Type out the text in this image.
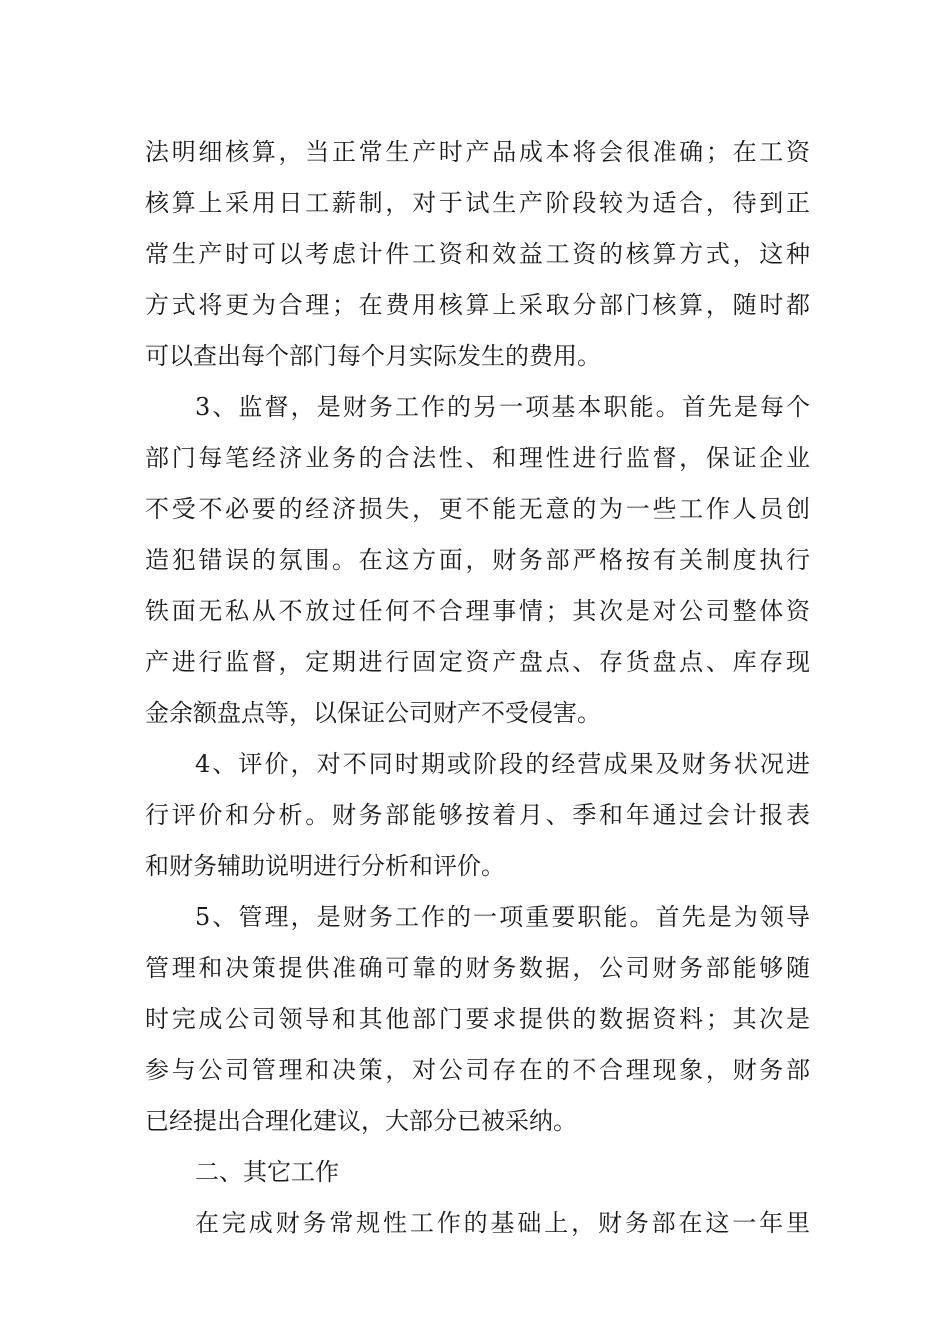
法明细核算，当正常生产时产品成本将会很准确；在工资
核算上采用日工薪制，对于试生产阶段较为适合，待到正
常生产时可以考虑计件工资和效益工资的核算方式，这种
方式将更为合理；在费用核算上采取分部门核算，随时都
可以查出每个部门每个月实际发生的费用。
3、监督，是财务工作的另一项基本职能。首先是每个
部门每笔经济业务的合法性、和理性进行监督，保证企业
不受不必要的经济损失，更不能无意的为一些工作人员创
造犯错误的氛围。在这方面，财务部严格按有关制度执行
铁面无私从不放过任何不合理事情；其次是对公司整体资
产进行监督，定期进行固定资产盘点、存货盘点、库存现
金余额盘点等，以保证公司财产不受侵害。
4、评价，对不同时期或阶段的经营成果及财务状况进
行评价和分析。财务部能够按着月、季和年通过会计报表
和财务辅助说明进行分析和评价。
5、管理，是财务工作的一项重要职能。首先是为领导
管理和决策提供准确可靠的财务数据，公司财务部能够随
时完成公司领导和其他部门要求提供的数据资料；其次是
参与公司管理和决策，对公司存在的不合理现象，财务部
已经提出合理化建议，大部分已被采纳。
二、其它工作
在完成财务常规性工作的基础上，财务部在这一年里
